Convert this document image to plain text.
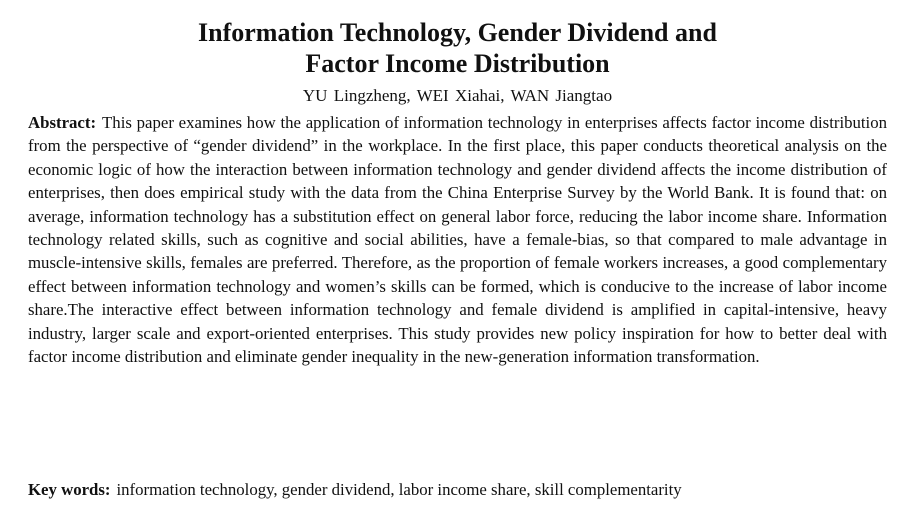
Information Technology, Gender Dividend and
Factor Income Distribution
YU Lingzheng, WEI Xiahai, WAN Jiangtao

Abstract: This paper examines how the application of information technology in enterprises affects factor income distribution from the perspective of “gender dividend” in the workplace. In the first place, this paper conducts theoretical analysis on the economic logic of how the interaction between information technology and gender dividend affects the income distribution of enterprises, then does empirical study with the data from the China Enterprise Survey by the World Bank. It is found that: on average, information technology has a substitution effect on general labor force, reducing the labor income share. Information technology related skills, such as cognitive and social abilities, have a female-bias, so that compared to male advantage in muscle-intensive skills, females are preferred. Therefore, as the proportion of female workers increases, a good complementary effect between information technology and women’s skills can be formed, which is conducive to the increase of labor income share.The interactive effect between information technology and female dividend is amplified in capital-intensive, heavy industry, larger scale and export-oriented enterprises. This study provides new policy inspiration for how to better deal with factor income distribution and eliminate gender inequality in the new-generation information transformation.

Key words: information technology, gender dividend, labor income share, skill complementarity
